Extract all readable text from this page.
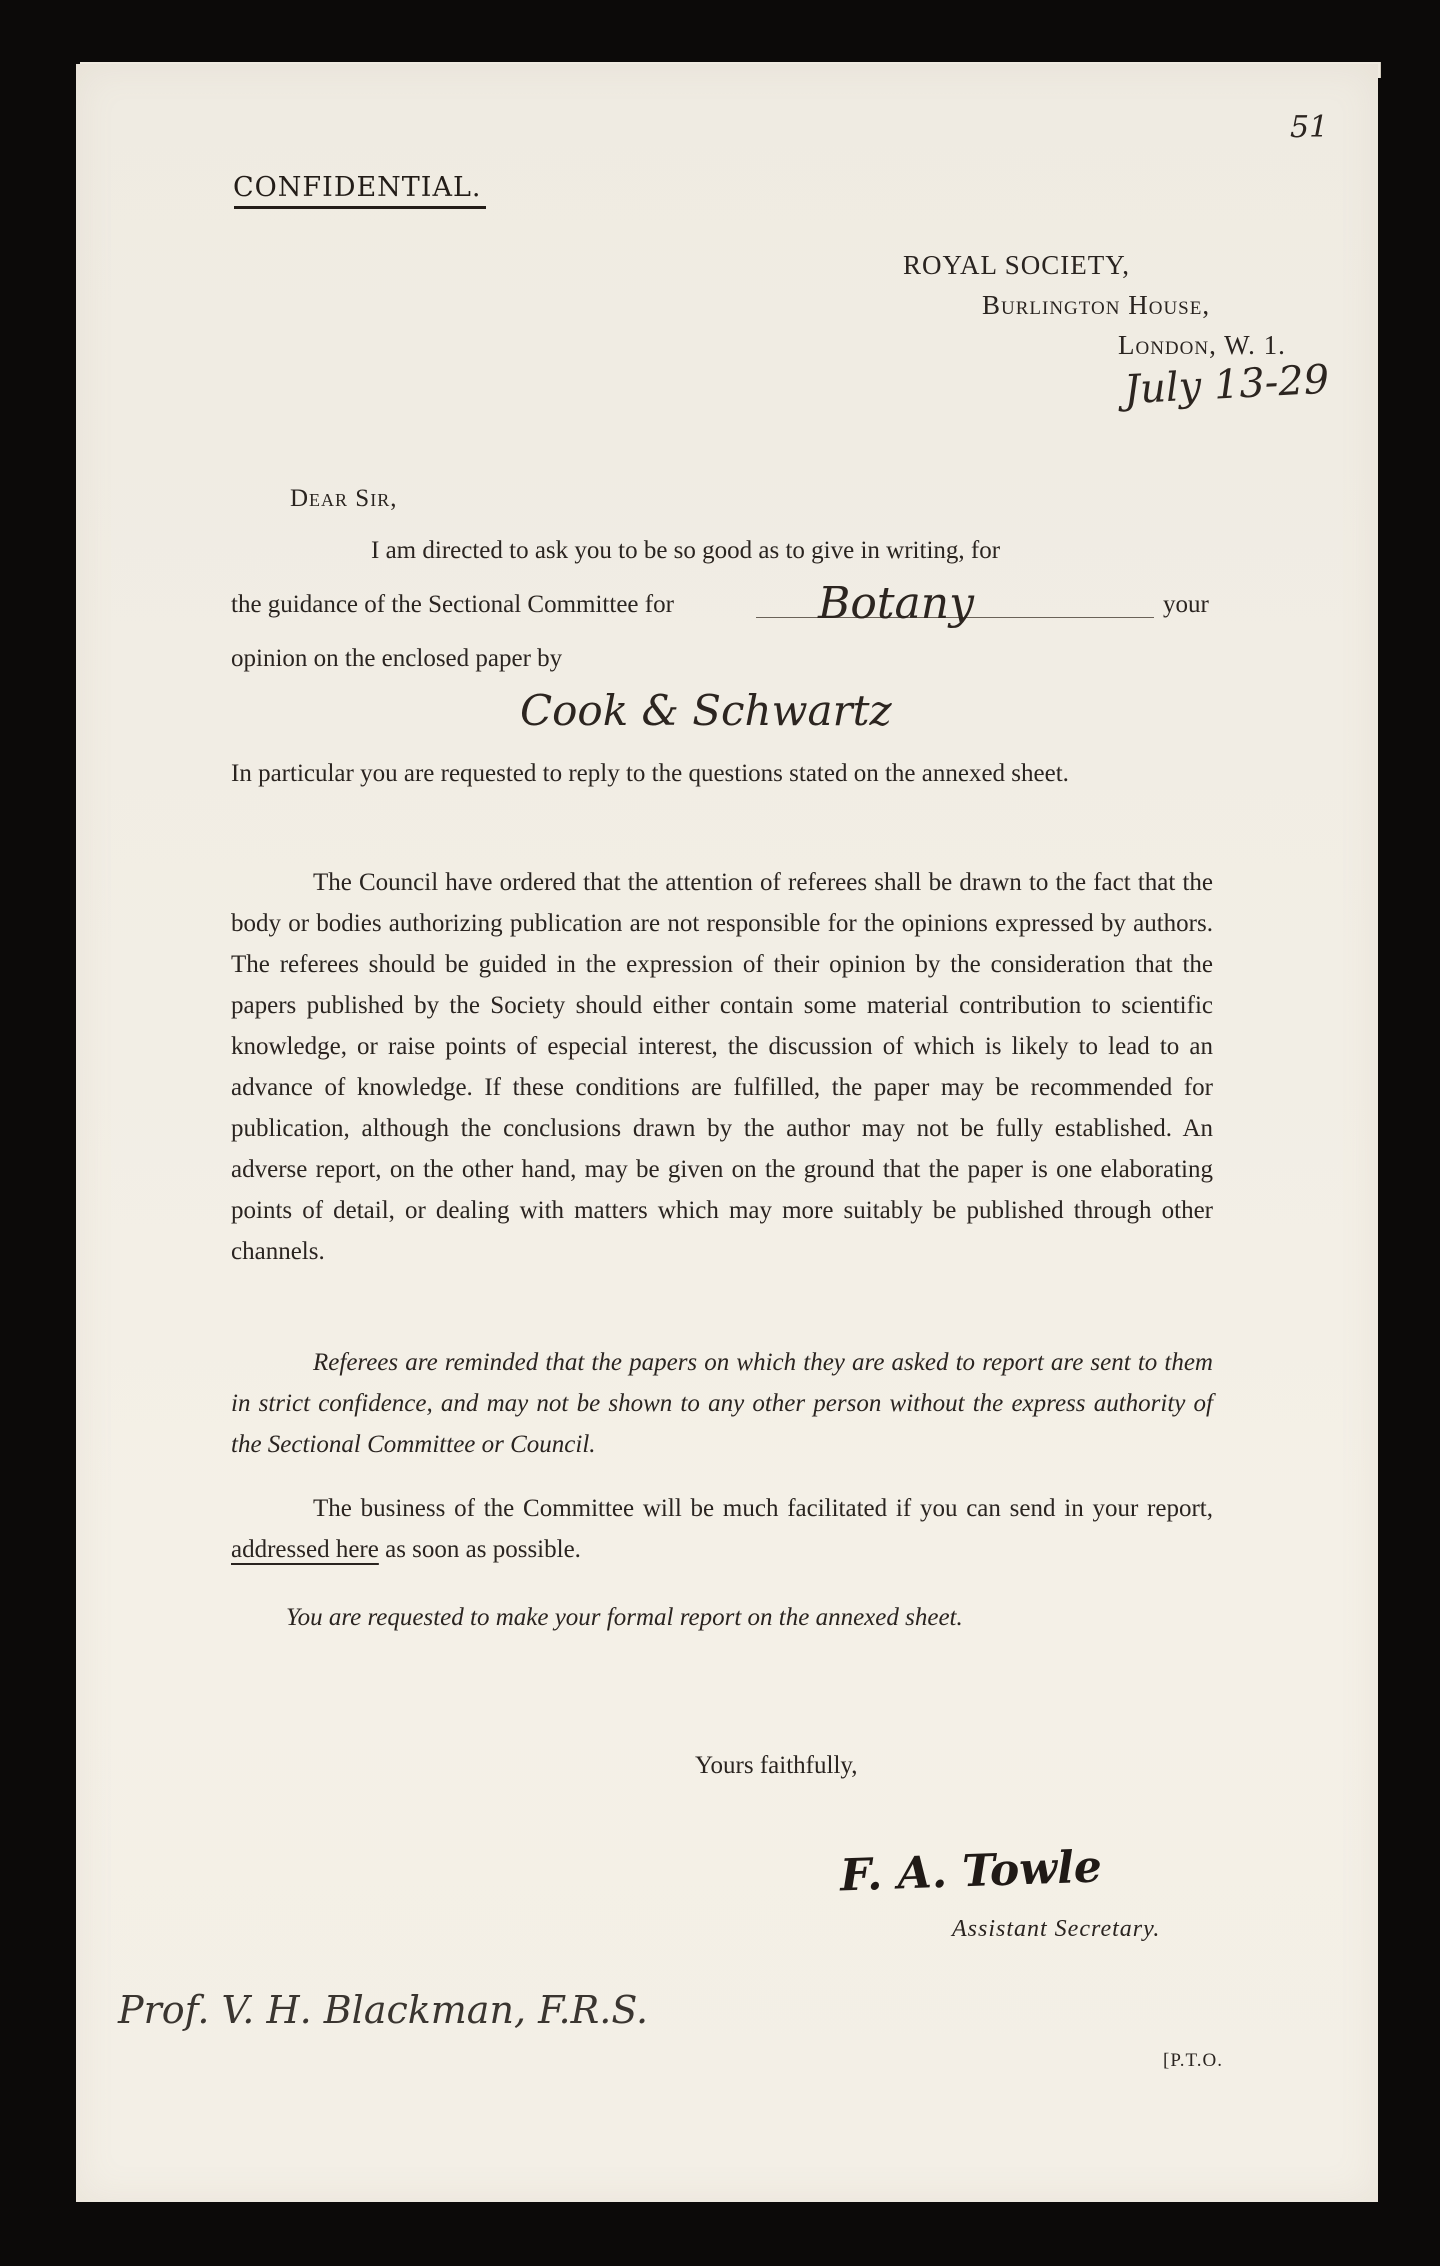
51
CONFIDENTIAL.
ROYAL SOCIETY,
Burlington House,
London, W. 1.
July 13-29
Dear Sir,
I am directed to ask you to be so good as to give in writing, for
the guidance of the Sectional Committee for	Botany	your
opinion on the enclosed paper by
Cook & Schwartz
In particular you are requested to reply to the questions stated on the annexed sheet.
The Council have ordered that the attention of referees shall be drawn to the fact that the body or bodies authorizing publication are not responsible for the opinions expressed by authors. The referees should be guided in the expression of their opinion by the consideration that the papers published by the Society should either contain some material contribution to scientific knowledge, or raise points of especial interest, the discussion of which is likely to lead to an advance of knowledge. If these conditions are fulfilled, the paper may be recommended for publication, although the conclusions drawn by the author may not be fully established. An adverse report, on the other hand, may be given on the ground that the paper is one elaborating points of detail, or dealing with matters which may more suitably be published through other channels.
Referees are reminded that the papers on which they are asked to report are sent to them in strict confidence, and may not be shown to any other person without the express authority of the Sectional Committee or Council.
The business of the Committee will be much facilitated if you can send in your report, addressed here as soon as possible.
You are requested to make your formal report on the annexed sheet.
Yours faithfully,
F. A. Towle
Assistant Secretary.
Prof. V. H. Blackman, F.R.S.
[P.T.O.
